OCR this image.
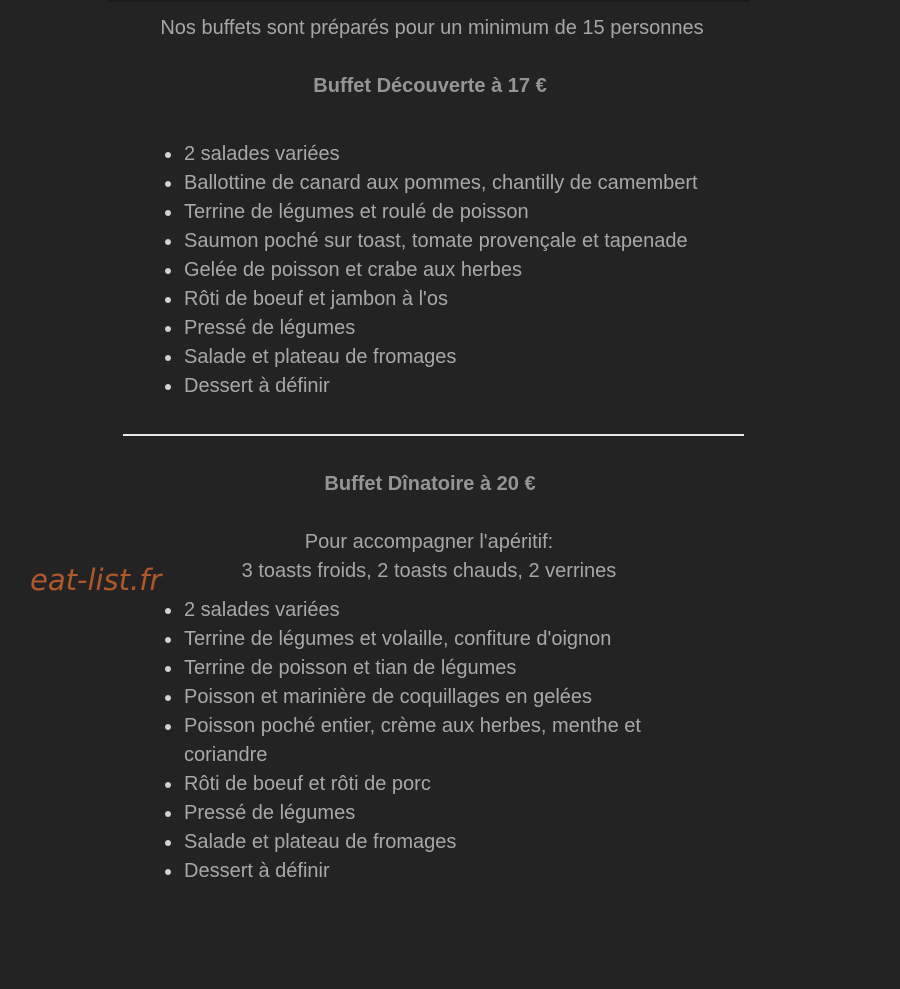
Nos buffets sont préparés pour un minimum de 15 personnes
Buffet Découverte à 17 €
2 salades variées
Ballottine de canard aux pommes, chantilly de camembert
Terrine de légumes et roulé de poisson
Saumon poché sur toast, tomate provençale et tapenade
Gelée de poisson et crabe aux herbes
Rôti de boeuf et jambon à l'os
Pressé de légumes
Salade et plateau de fromages
Dessert à définir
Buffet Dînatoire à 20 €
Pour accompagner l'apéritif:
3 toasts froids, 2 toasts chauds, 2 verrines
eat-list.fr
2 salades variées
Terrine de légumes et volaille, confiture d'oignon
Terrine de poisson et tian de légumes
Poisson et marinière de coquillages en gelées
Poisson poché entier, crème aux herbes, menthe et coriandre
Rôti de boeuf et rôti de porc
Pressé de légumes
Salade et plateau de fromages
Dessert à définir
